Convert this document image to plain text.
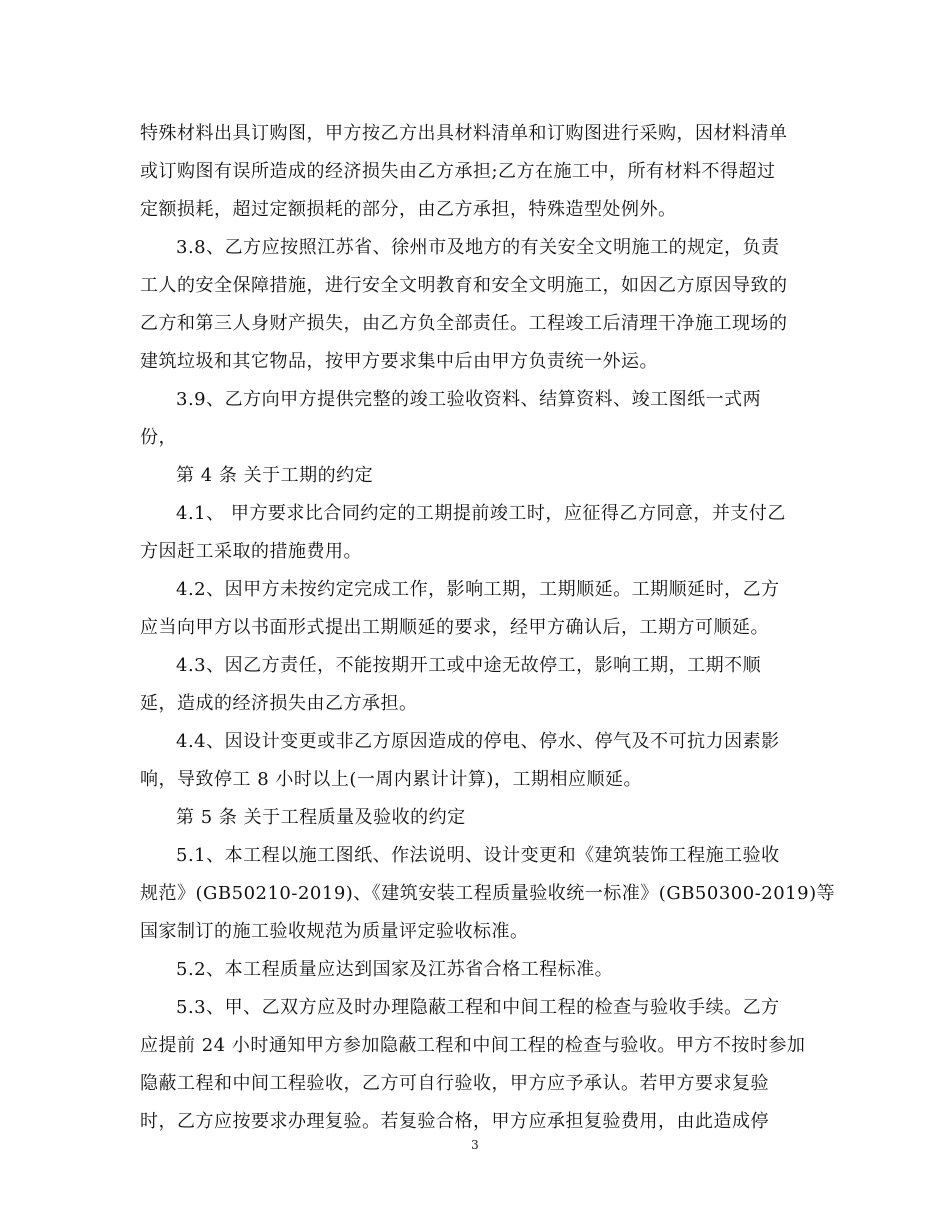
特殊材料出具订购图，甲方按乙方出具材料清单和订购图进行采购，因材料清单
或订购图有误所造成的经济损失由乙方承担;乙方在施工中，所有材料不得超过
定额损耗，超过定额损耗的部分，由乙方承担，特殊造型处例外。
3.8、乙方应按照江苏省、徐州市及地方的有关安全文明施工的规定，负责
工人的安全保障措施，进行安全文明教育和安全文明施工，如因乙方原因导致的
乙方和第三人身财产损失，由乙方负全部责任。工程竣工后清理干净施工现场的
建筑垃圾和其它物品，按甲方要求集中后由甲方负责统一外运。
3.9、乙方向甲方提供完整的竣工验收资料、结算资料、竣工图纸一式两
份，
第 4 条 关于工期的约定
4.1、 甲方要求比合同约定的工期提前竣工时，应征得乙方同意，并支付乙
方因赶工采取的措施费用。
4.2、因甲方未按约定完成工作，影响工期，工期顺延。工期顺延时，乙方
应当向甲方以书面形式提出工期顺延的要求，经甲方确认后，工期方可顺延。
4.3、因乙方责任，不能按期开工或中途无故停工，影响工期，工期不顺
延，造成的经济损失由乙方承担。
4.4、因设计变更或非乙方原因造成的停电、停水、停气及不可抗力因素影
响，导致停工 8 小时以上(一周内累计计算)，工期相应顺延。
第 5 条 关于工程质量及验收的约定
5.1、本工程以施工图纸、作法说明、设计变更和《建筑装饰工程施工验收
规范》(GB50210-2019)、《建筑安装工程质量验收统一标准》(GB50300-2019)等
国家制订的施工验收规范为质量评定验收标准。
5.2、本工程质量应达到国家及江苏省合格工程标准。
5.3、甲、乙双方应及时办理隐蔽工程和中间工程的检查与验收手续。乙方
应提前 24 小时通知甲方参加隐蔽工程和中间工程的检查与验收。甲方不按时参加
隐蔽工程和中间工程验收，乙方可自行验收，甲方应予承认。若甲方要求复验
时，乙方应按要求办理复验。若复验合格，甲方应承担复验费用，由此造成停
3
